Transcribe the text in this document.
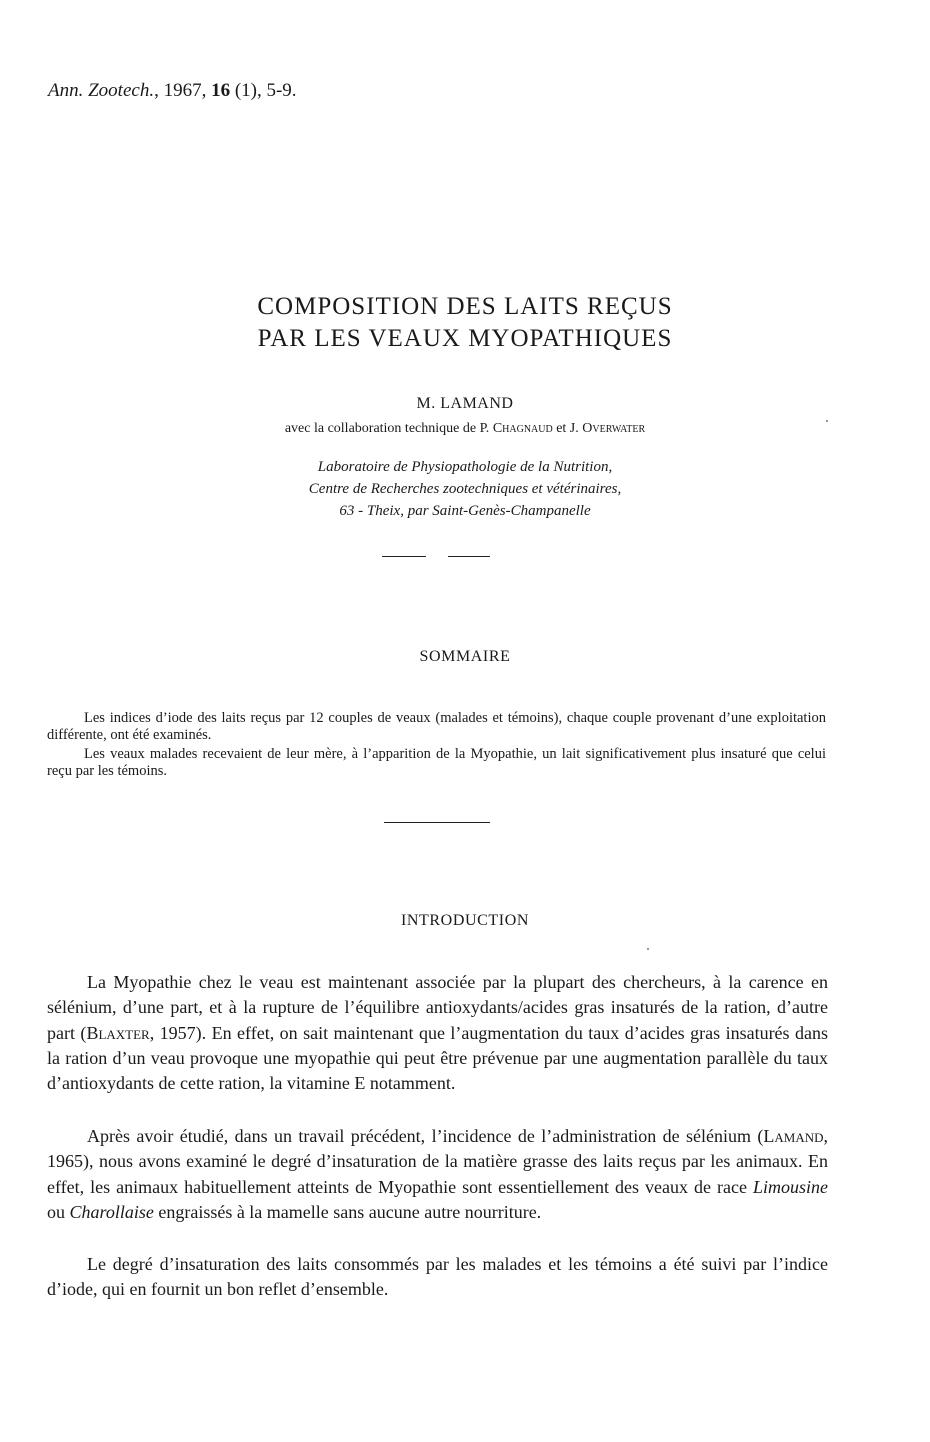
Ann. Zootech., 1967, 16 (1), 5-9.
COMPOSITION DES LAITS REÇUS
PAR LES VEAUX MYOPATHIQUES
M. LAMAND
avec la collaboration technique de P. Chagnaud et J. Overwater
Laboratoire de Physiopathologie de la Nutrition,
Centre de Recherches zootechniques et vétérinaires,
63 - Theix, par Saint-Genès-Champanelle
SOMMAIRE
Les indices d’iode des laits reçus par 12 couples de veaux (malades et témoins), chaque couple provenant d’une exploitation différente, ont été examinés.
Les veaux malades recevaient de leur mère, à l’apparition de la Myopathie, un lait significativement plus insaturé que celui reçu par les témoins.
INTRODUCTION
La Myopathie chez le veau est maintenant associée par la plupart des chercheurs, à la carence en sélénium, d’une part, et à la rupture de l’équilibre antioxydants/acides gras insaturés de la ration, d’autre part (Blaxter, 1957). En effet, on sait maintenant que l’augmentation du taux d’acides gras insaturés dans la ration d’un veau provoque une myopathie qui peut être prévenue par une augmentation parallèle du taux d’antioxydants de cette ration, la vitamine E notamment.
Après avoir étudié, dans un travail précédent, l’incidence de l’administration de sélénium (Lamand, 1965), nous avons examiné le degré d’insaturation de la matière grasse des laits reçus par les animaux. En effet, les animaux habituellement atteints de Myopathie sont essentiellement des veaux de race Limousine ou Charollaise engraissés à la mamelle sans aucune autre nourriture.
Le degré d’insaturation des laits consommés par les malades et les témoins a été suivi par l’indice d’iode, qui en fournit un bon reflet d’ensemble.
